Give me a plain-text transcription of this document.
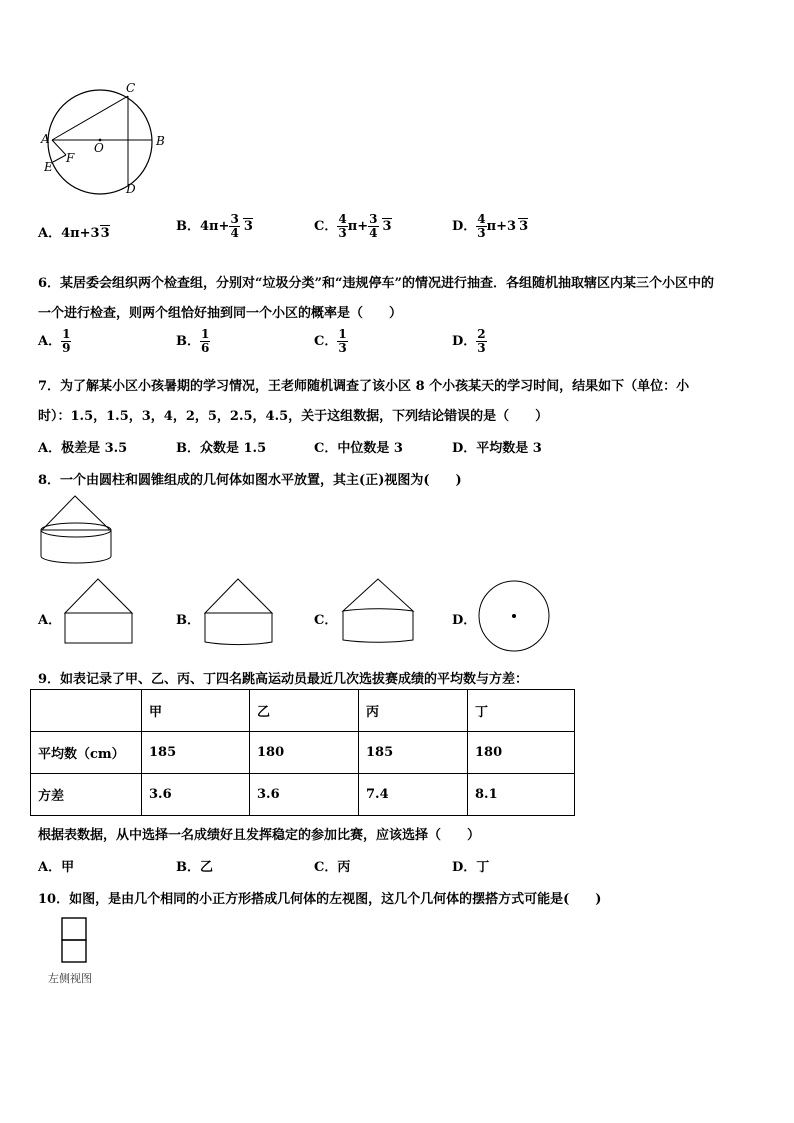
C
A	B
O
F
E
D
A．4π+33	B．$4\pi+ \frac{3}{4} 3$	C． $\frac{4}{3} \pi+ \frac{3}{4} 3$	D． $\frac{4}{3} \pi+3$ 3
6．某居委会组织两个检查组，分别对“垃圾分类”和“违规停车”的情况进行抽查．各组随机抽取辖区内某三个小区中的
一个进行检查，则两个组恰好抽到同一个小区的概率是（　　）
A． $\frac{1}{9}$	B． $\frac{1}{6}$	C． $\frac{1}{3}$	D． $\frac{2}{3}$
7．为了解某小区小孩暑期的学习情况，王老师随机调查了该小区 8 个小孩某天的学习时间，结果如下（单位：小
时）：1.5，1.5，3，4，2，5，2.5，4.5，关于这组数据，下列结论错误的是（　　）
A．极差是 3.5	B．众数是 1.5	C．中位数是 3	D．平均数是 3
8．一个由圆柱和圆锥组成的几何体如图水平放置，其主(正)视图为(　　)
A．	B．	C．	D．
9．如表记录了甲、乙、丙、丁四名跳高运动员最近几次选拔赛成绩的平均数与方差：
	甲	乙	丙	丁
平均数（cm）	185	180	185	180
方差	3.6	3.6	7.4	8.1
根据表数据，从中选择一名成绩好且发挥稳定的参加比赛，应该选择（　　）
A．甲	B．乙	C．丙	D．丁
10．如图，是由几个相同的小正方形搭成几何体的左视图，这几个几何体的摆搭方式可能是(　　)
左侧视图
